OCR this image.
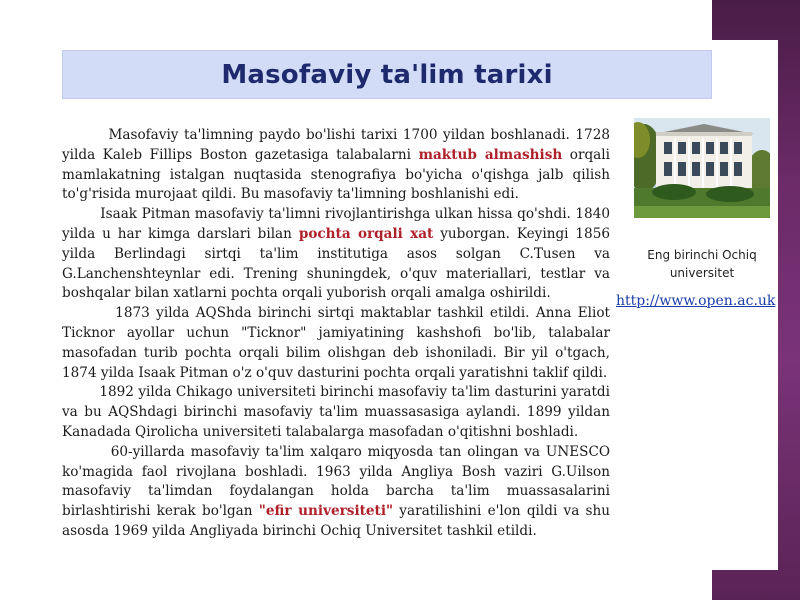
Masofaviy ta'lim tarixi

Masofaviy ta'limning paydo bo'lishi tarixi 1700 yildan boshlanadi. 1728 yilda Kaleb Fillips Boston gazetasiga talabalarni maktub almashish orqali mamlakatning istalgan nuqtasida stenografiya bo'yicha o'qishga jalb qilish to'g'risida murojaat qildi. Bu masofaviy ta'limning boshlanishi edi.

Isaak Pitman masofaviy ta'limni rivojlantirishga ulkan hissa qo'shdi. 1840 yilda u har kimga darslari bilan pochta orqali xat yuborgan. Keyingi 1856 yilda Berlindagi sirtqi ta'lim institutiga asos solgan C.Tusen va G.Lanchenshteynlar edi. Trening shuningdek, o'quv materiallari, testlar va boshqalar bilan xatlarni pochta orqali yuborish orqali amalga oshirildi.

1873 yilda AQShda birinchi sirtqi maktablar tashkil etildi. Anna Eliot Ticknor ayollar uchun "Ticknor" jamiyatining kashshofi bo'lib, talabalar masofadan turib pochta orqali bilim olishgan deb ishoniladi. Bir yil o'tgach, 1874 yilda Isaak Pitman o'z o'quv dasturini pochta orqali yaratishni taklif qildi.

1892 yilda Chikago universiteti birinchi masofaviy ta'lim dasturini yaratdi va bu AQShdagi birinchi masofaviy ta'lim muassasasiga aylandi. 1899 yildan Kanadada Qirolicha universiteti talabalarga masofadan o'qitishni boshladi.

60-yillarda masofaviy ta'lim xalqaro miqyosda tan olingan va UNESCO ko'magida faol rivojlana boshladi. 1963 yilda Angliya Bosh vaziri G.Uilson masofaviy ta'limdan foydalangan holda barcha ta'lim muassasalarini birlashtirishi kerak bo'lgan "efir universiteti" yaratilishini e'lon qildi va shu asosda 1969 yilda Angliyada birinchi Ochiq Universitet tashkil etildi.

Eng birinchi Ochiq universitet
http://www.open.ac.uk
